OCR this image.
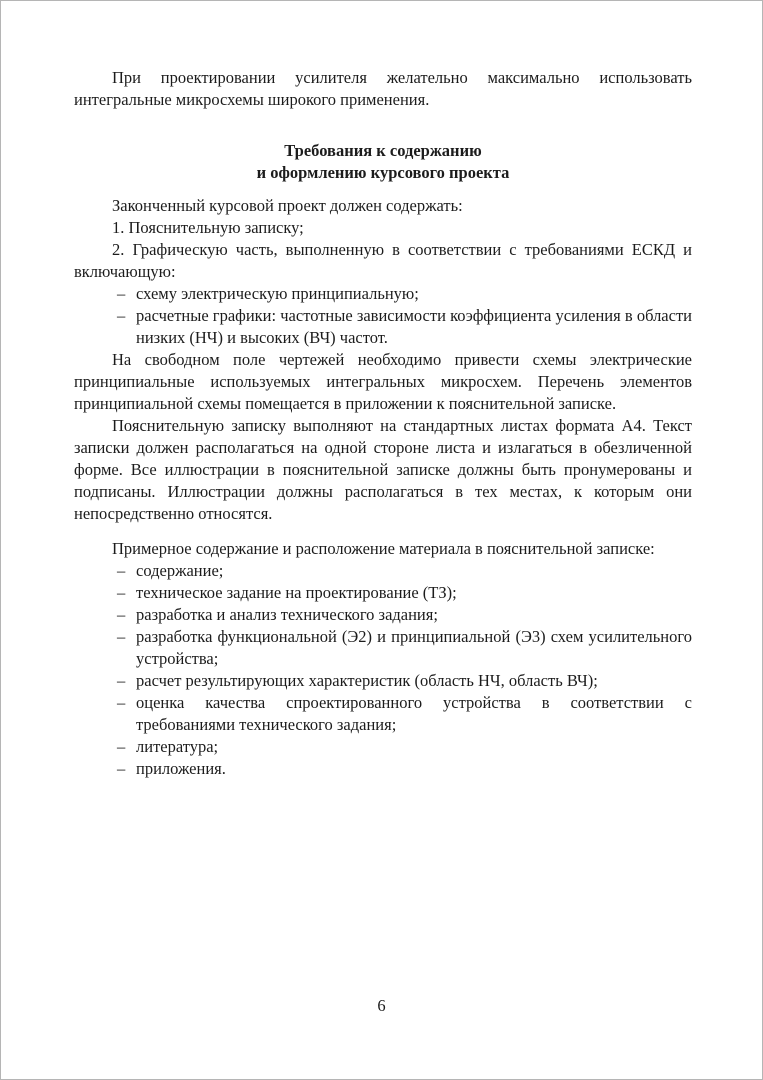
При проектировании усилителя желательно максимально использовать интегральные микросхемы широкого применения.

Требования к содержанию
и оформлению курсового проекта

Законченный курсовой проект должен содержать:

1. Пояснительную записку;

2. Графическую часть, выполненную в соответствии с требованиями ЕСКД и включающую:

– схему электрическую принципиальную;

– расчетные графики: частотные зависимости коэффициента усиления в области низких (НЧ) и высоких (ВЧ) частот.

На свободном поле чертежей необходимо привести схемы электрические принципиальные используемых интегральных микросхем. Перечень элементов принципиальной схемы помещается в приложении к пояснительной записке.

Пояснительную записку выполняют на стандартных листах формата А4. Текст записки должен располагаться на одной стороне листа и излагаться в обезличенной форме. Все иллюстрации в пояснительной записке должны быть пронумерованы и подписаны. Иллюстрации должны располагаться в тех местах, к которым они непосредственно относятся.

Примерное содержание и расположение материала в пояснительной записке:

– содержание;

– техническое задание на проектирование (ТЗ);

– разработка и анализ технического задания;

– разработка функциональной (Э2) и принципиальной (Э3) схем усилительного устройства;

– расчет результирующих характеристик (область НЧ, область ВЧ);

– оценка качества спроектированного устройства в соответствии с требованиями технического задания;

– литература;

– приложения.

6
